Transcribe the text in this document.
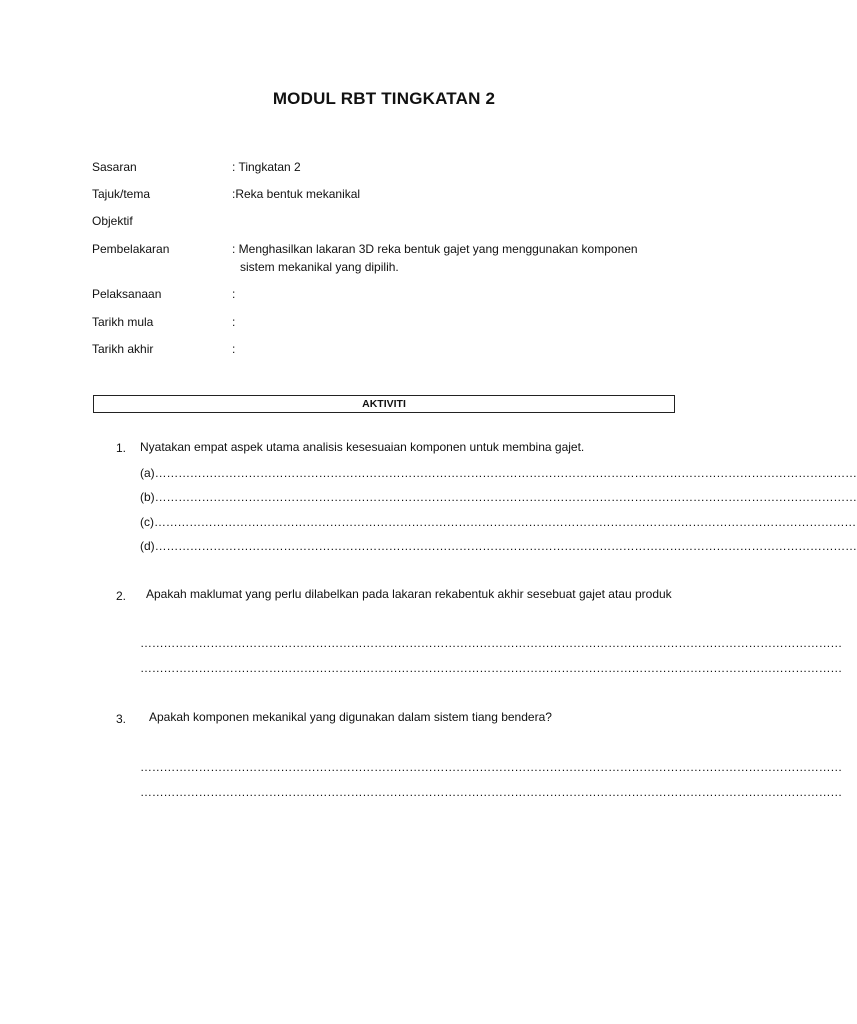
MODUL RBT TINGKATAN 2
Sasaran	: Tingkatan 2
Tajuk/tema	:Reka bentuk mekanikal
Objektif
Pembelakaran	: Menghasilkan lakaran 3D reka bentuk gajet yang menggunakan komponen
sistem mekanikal yang dipilih.
Pelaksanaan	:
Tarikh mula	:
Tarikh akhir	:
AKTIVITI
1. Nyatakan empat aspek utama analisis kesesuaian komponen untuk membina gajet.
(a)………………………………………………………………………………………………………………………………………………………………
(b)………………………………………………………………………………………………………………………………………………………………
(c)………………………………………………………………………………………………………………………………………………………………
(d)………………………………………………………………………………………………………………………………………………………………
2.	Apakah maklumat yang perlu dilabelkan pada lakaran rekabentuk akhir sesebuat gajet atau produk
………………………………………………………………………………………………………………………………………………………………
………………………………………………………………………………………………………………………………………………………………
3.	Apakah komponen mekanikal yang digunakan dalam sistem tiang bendera?
………………………………………………………………………………………………………………………………………………………………
………………………………………………………………………………………………………………………………………………………………
